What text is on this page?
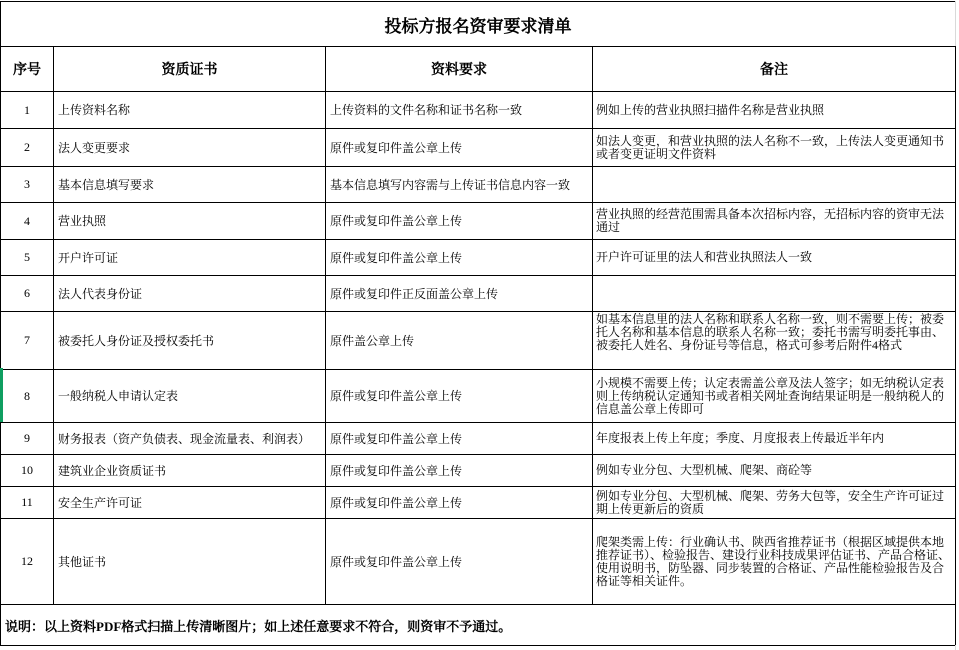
投标方报名资审要求清单			
序号	资质证书	资料要求	备注
1	上传资料名称	上传资料的文件名称和证书名称一致	例如上传的营业执照扫描件名称是营业执照
2	法人变更要求	原件或复印件盖公章上传	如法人变更，和营业执照的法人名称不一致，上传法人变更通知书或者变更证明文件资料
3	基本信息填写要求	基本信息填写内容需与上传证书信息内容一致	
4	营业执照	原件或复印件盖公章上传	营业执照的经营范围需具备本次招标内容，无招标内容的资审无法通过
5	开户许可证	原件或复印件盖公章上传	开户许可证里的法人和营业执照法人一致
6	法人代表身份证	原件或复印件正反面盖公章上传	
7	被委托人身份证及授权委托书	原件盖公章上传	如基本信息里的法人名称和联系人名称一致，则不需要上传；被委托人名称和基本信息的联系人名称一致；委托书需写明委托事由、被委托人姓名、身份证号等信息，格式可参考后附件4格式

8	一般纳税人申请认定表	原件或复印件盖公章上传	小规模不需要上传；认定表需盖公章及法人签字；如无纳税认定表则上传纳税认定通知书或者相关网址查询结果证明是一般纳税人的信息盖公章上传即可
9	财务报表（资产负债表、现金流量表、利润表）	原件或复印件盖公章上传	年度报表上传上年度；季度、月度报表上传最近半年内
10	建筑业企业资质证书	原件或复印件盖公章上传	例如专业分包、大型机械、爬架、商砼等
11	安全生产许可证	原件或复印件盖公章上传	例如专业分包、大型机械、爬架、劳务大包等，安全生产许可证过期上传更新后的资质
12	其他证书	原件或复印件盖公章上传	爬架类需上传：行业确认书、陕西省推荐证书（根据区域提供本地推荐证书）、检验报告、建设行业科技成果评估证书、产品合格证、使用说明书，防坠器、同步装置的合格证、产品性能检验报告及合格证等相关证件。
说明：以上资料PDF格式扫描上传清晰图片；如上述任意要求不符合，则资审不予通过。			
